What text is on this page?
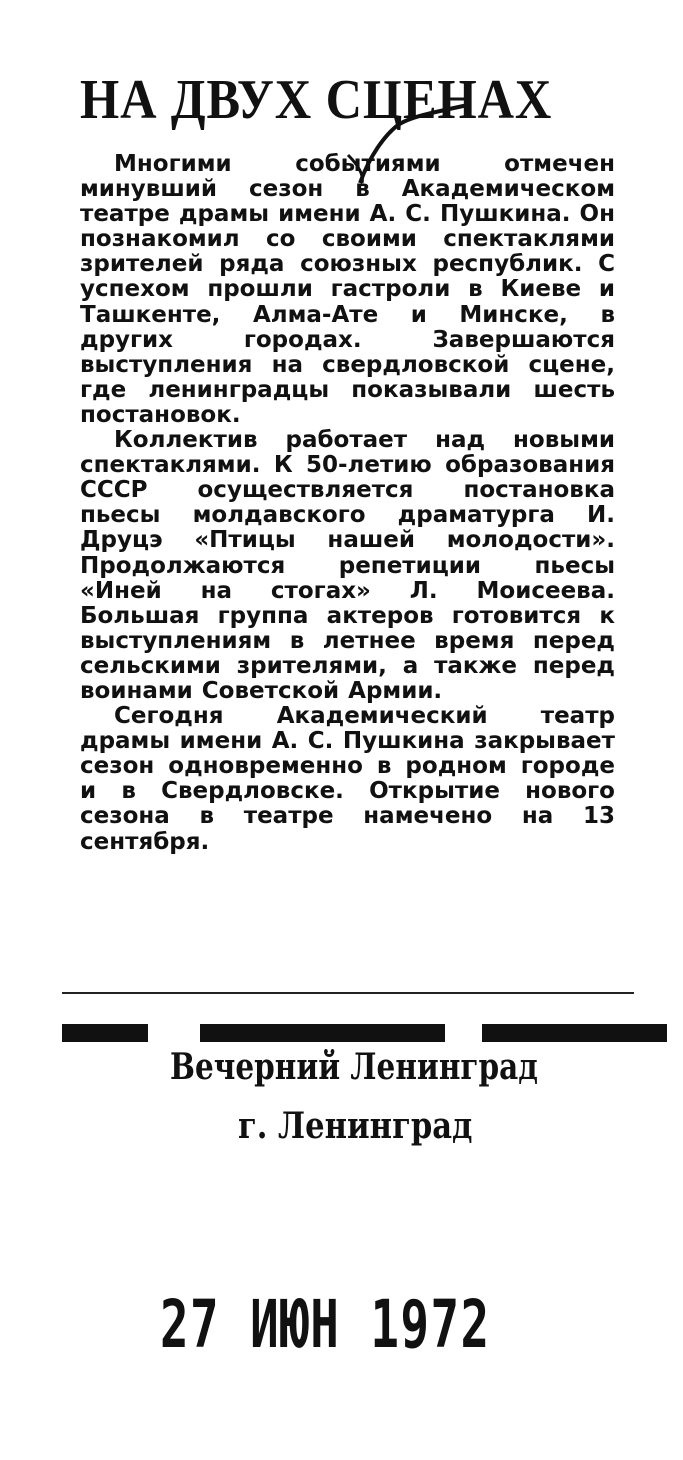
НА ДВУХ СЦЕНАХ

Многими событиями отмечен минувший сезон в Академическом театре драмы имени А. С. Пушкина. Он познакомил со своими спектаклями зрителей ряда союзных республик. С успехом прошли гастроли в Киеве и Ташкенте, Алма-Ате и Минске, в других городах. Завершаются выступления на свердловской сцене, где ленинградцы показывали шесть постановок.

Коллектив работает над новыми спектаклями. К 50-летию образования СССР осуществляется постановка пьесы молдавского драматурга И. Друцэ «Птицы нашей молодости». Продолжаются репетиции пьесы «Иней на стогах» Л. Моисеева. Большая группа актеров готовится к выступлениям в летнее время перед сельскими зрителями, а также перед воинами Советской Армии.

Сегодня Академический театр драмы имени А. С. Пушкина закрывает сезон одновременно в родном городе и в Свердловске. Открытие нового сезона в театре намечено на 13 сентября.

Вечерний Ленинград
г. Ленинград
27 ИЮН 1972
